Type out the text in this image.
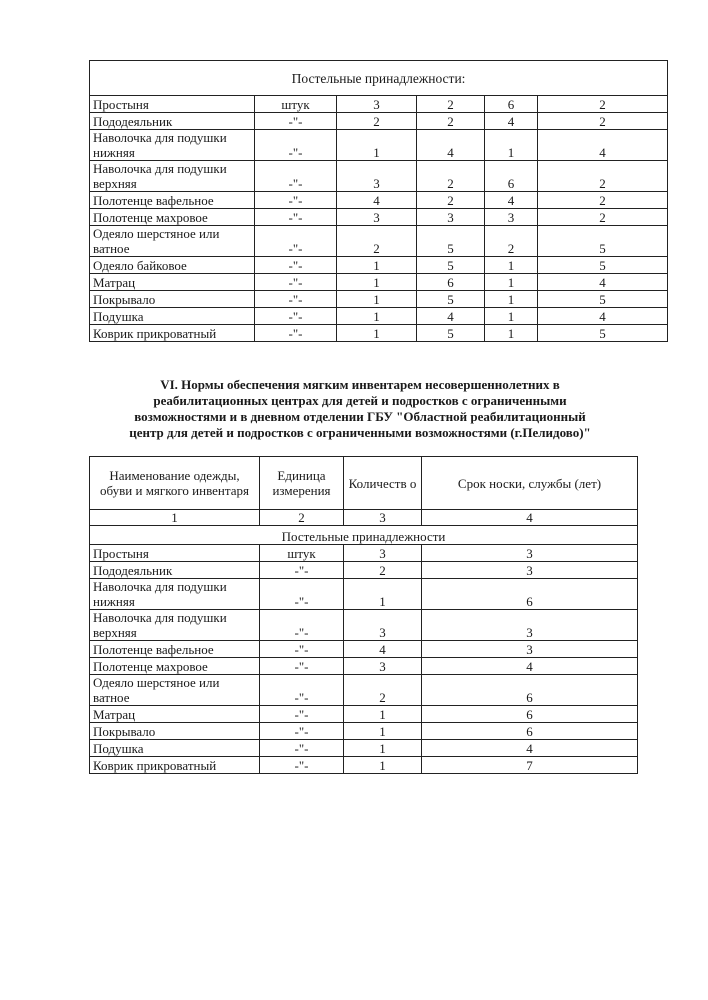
Постельные принадлежности:					
Простыня	штук	3	2	6	2
Пододеяльник	-"-	2	2	4	2
Наволочка для подушки нижняя	-"-	1	4	1	4
Наволочка для подушки верхняя	-"-	3	2	6	2
Полотенце вафельное	-"-	4	2	4	2
Полотенце махровое	-"-	3	3	3	2
Одеяло шерстяное или ватное	-"-	2	5	2	5
Одеяло байковое	-"-	1	5	1	5
Матрац	-"-	1	6	1	4
Покрывало	-"-	1	5	1	5
Подушка	-"-	1	4	1	4
Коврик прикроватный	-"-	1	5	1	5
VI. Нормы обеспечения мягким инвентарем несовершеннолетних в
реабилитационных центрах для детей и подростков с ограниченными
возможностями и в дневном отделении ГБУ "Областной реабилитационный
центр для детей и подростков с ограниченными возможностями (г.Пелидово)"
Наименование одежды, обуви и мягкого инвентаря	Единица измерения	Количеств о	Срок носки, службы (лет)
1	2	3	4
Постельные принадлежности			
Простыня	штук	3	3
Пододеяльник	-"-	2	3
Наволочка для подушки нижняя	-"-	1	6
Наволочка для подушки верхняя	-"-	3	3
Полотенце вафельное	-"-	4	3
Полотенце махровое	-"-	3	4
Одеяло шерстяное или ватное	-"-	2	6
Матрац	-"-	1	6
Покрывало	-"-	1	6
Подушка	-"-	1	4
Коврик прикроватный	-"-	1	7
